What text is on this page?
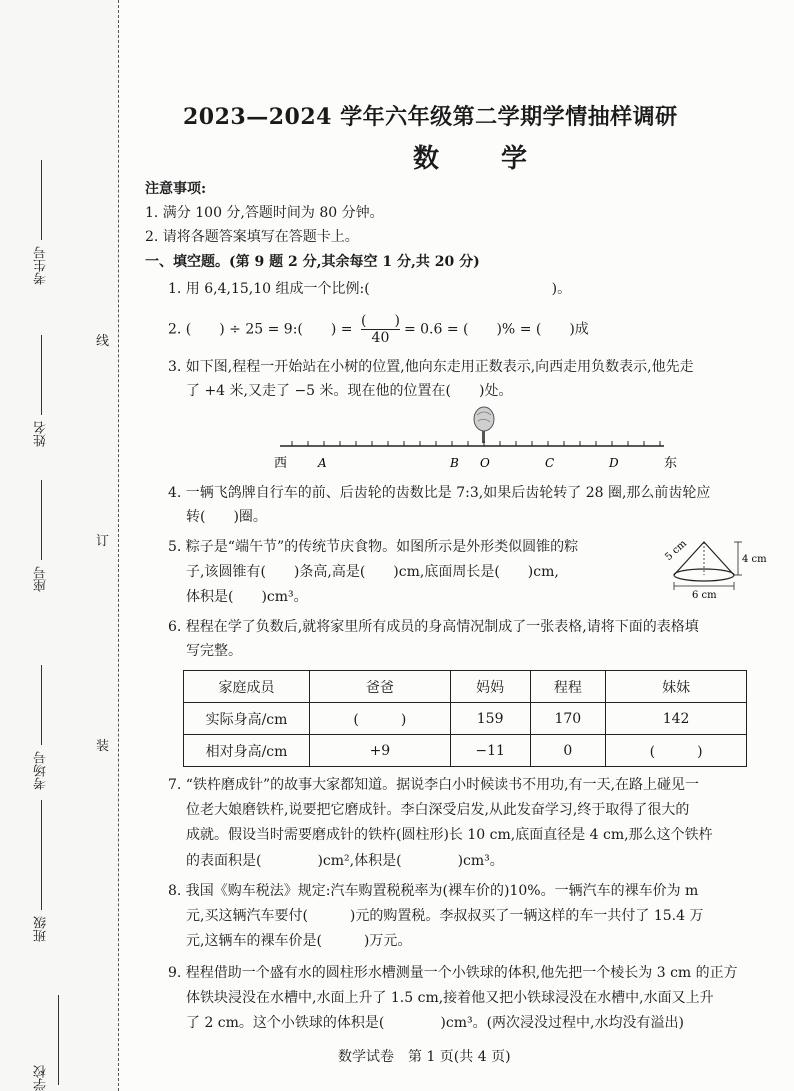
考生号
姓名
座号
考场号
班级
学校
线
订
装
2023—2024 学年六年级第二学期学情抽样调研
数　学
注意事项:
1. 满分 100 分,答题时间为 80 分钟。
2. 请将各题答案填写在答题卡上。
一、填空题。(第 9 题 2 分,其余每空 1 分,共 20 分)
1. 用 6,4,15,10 组成一个比例:(　　　　　　　　　　　　　)。
2. (　　) ÷ 25 = 9:(　　) =
(　　)
40
= 0.6 = (　　)% = (　　)成
3. 如下图,程程一开始站在小树的位置,他向东走用正数表示,向西走用负数表示,他先走
了 +4 米,又走了 −5 米。现在他的位置在(　　)处。
西	A	B O	C	D	东
4. 一辆飞鸽牌自行车的前、后齿轮的齿数比是 7:3,如果后齿轮转了 28 圈,那么前齿轮应
转(　　)圈。
5. 粽子是“端午节”的传统节庆食物。如图所示是外形类似圆锥的粽
子,该圆锥有(　　)条高,高是(　　)cm,底面周长是(　　)cm,
体积是(　　)cm³。
5 cm	4 cm
6 cm
6. 程程在学了负数后,就将家里所有成员的身高情况制成了一张表格,请将下面的表格填
写完整。
家庭成员	爸爸	妈妈	程程	妹妹
实际身高/cm	(　　　)	159	170	142
相对身高/cm	+9	−11	0	(　　　)
7. “铁杵磨成针”的故事大家都知道。据说李白小时候读书不用功,有一天,在路上碰见一
位老大娘磨铁杵,说要把它磨成针。李白深受启发,从此发奋学习,终于取得了很大的
成就。假设当时需要磨成针的铁杵(圆柱形)长 10 cm,底面直径是 4 cm,那么这个铁杵
的表面积是(　　　　)cm²,体积是(　　　　)cm³。
8. 我国《购车税法》规定:汽车购置税税率为(裸车价的)10%。一辆汽车的裸车价为 m
元,买这辆汽车要付(　　　)元的购置税。李叔叔买了一辆这样的车一共付了 15.4 万
元,这辆车的裸车价是(　　　)万元。
9. 程程借助一个盛有水的圆柱形水槽测量一个小铁球的体积,他先把一个棱长为 3 cm 的正方
体铁块浸没在水槽中,水面上升了 1.5 cm,接着他又把小铁球浸没在水槽中,水面又上升
了 2 cm。这个小铁球的体积是(　　　　)cm³。(两次浸没过程中,水均没有溢出)
数学试卷　第 1 页(共 4 页)
